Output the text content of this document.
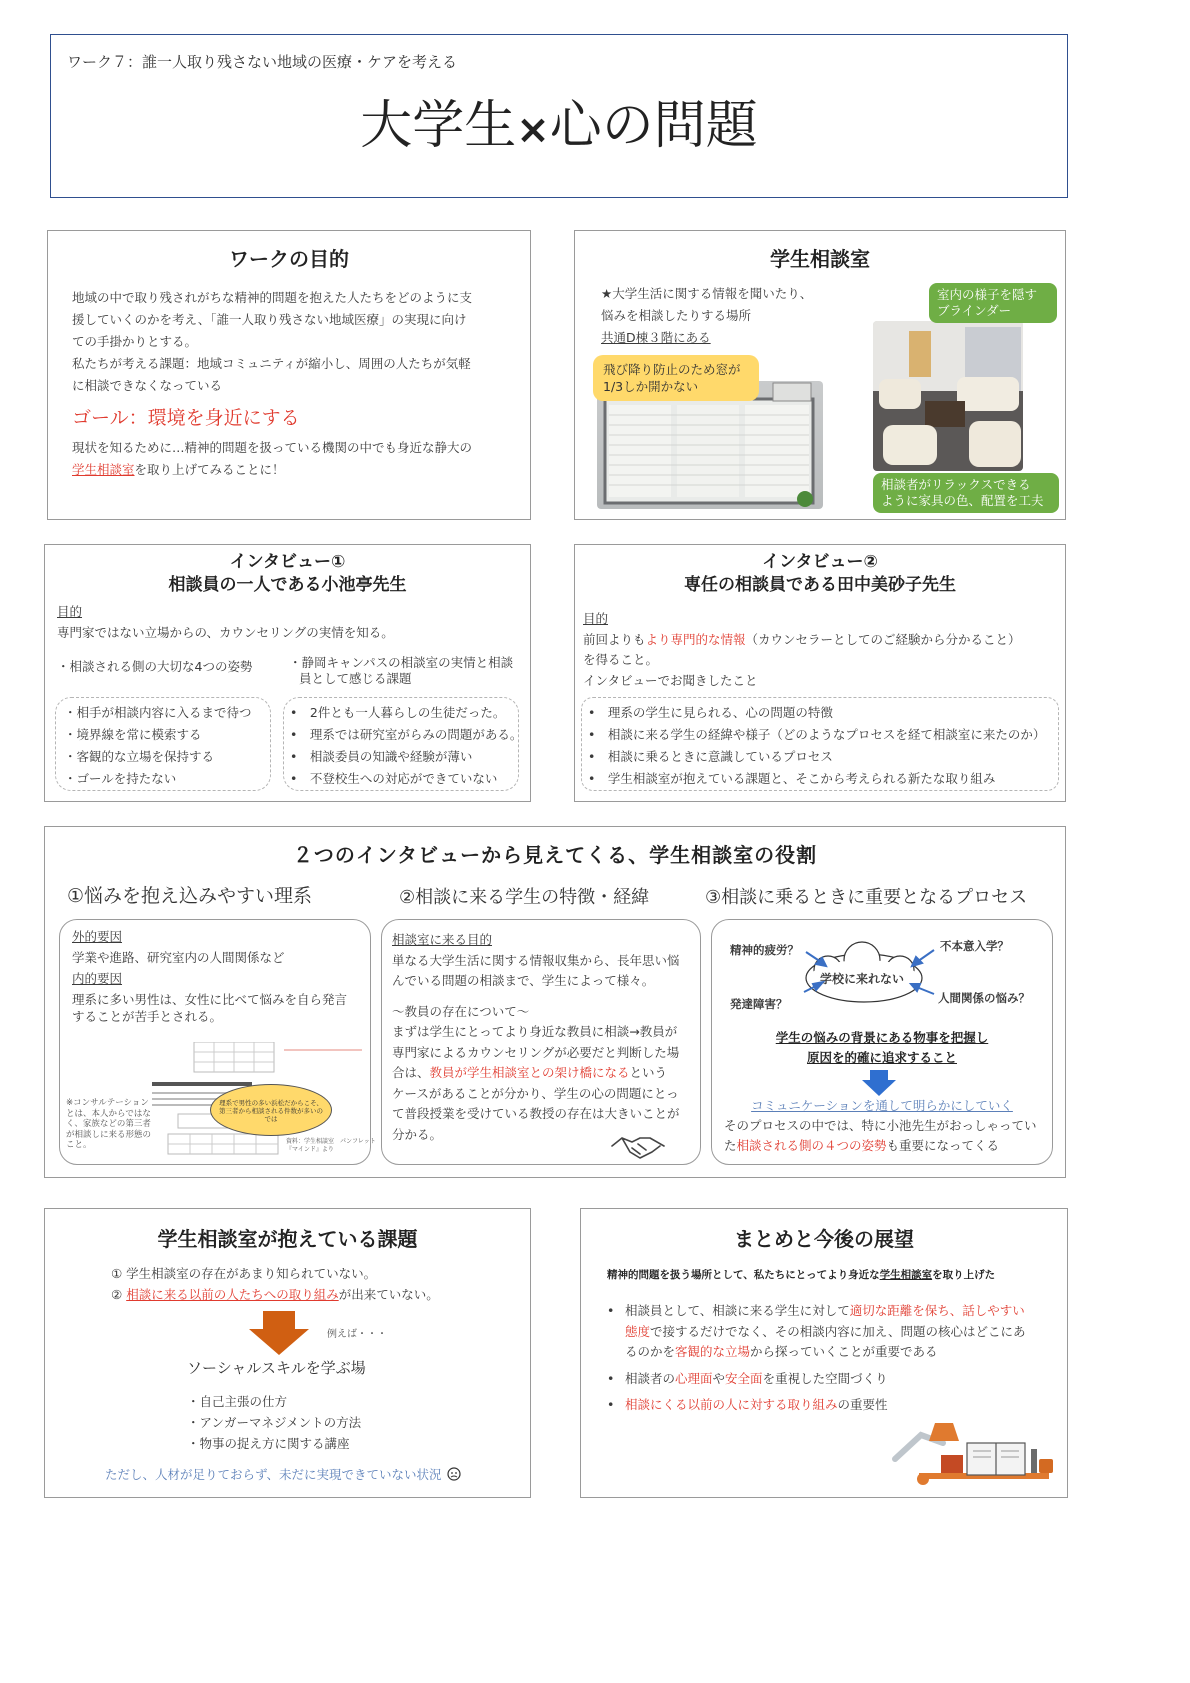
ワーク７：誰一人取り残さない地域の医療・ケアを考える
大学生×心の問題
ワークの目的
地域の中で取り残されがちな精神的問題を抱えた人たちをどのように支
援していくのかを考え、「誰一人取り残さない地域医療」の実現に向け
ての手掛かりとする。
私たちが考える課題：地域コミュニティが縮小し、周囲の人たちが気軽
に相談できなくなっている
ゴール：環境を身近にする
現状を知るために…精神的問題を扱っている機関の中でも身近な静大の
学生相談室を取り上げてみることに！
学生相談室
★大学生活に関する情報を聞いたり、
悩みを相談したりする場所
共通D棟３階にある
飛び降り防止のため窓が
1/3しか開かない
室内の様子を隠す
ブラインダー
相談者がリラックスできる
ように家具の色、配置を工夫
インタビュー①
相談員の一人である小池亭先生
目的
専門家ではない立場からの、カウンセリングの実情を知る。
・相談される側の大切な4つの姿勢	・静岡キャンパスの相談室の実情と相談
員として感じる課題
・相手が相談内容に入るまで待つ
・境界線を常に模索する
・客観的な立場を保持する
・ゴールを持たない
•　2件とも一人暮らしの生徒だった。
•　理系では研究室がらみの問題がある。
•　相談委員の知識や経験が薄い
•　不登校生への対応ができていない
インタビュー②
専任の相談員である田中美砂子先生
目的
前回よりもより専門的な情報（カウンセラーとしてのご経験から分かること）
を得ること。
インタビューでお聞きしたこと
•　理系の学生に見られる、心の問題の特徴
•　相談に来る学生の経緯や様子（どのようなプロセスを経て相談室に来たのか）
•　相談に乗るときに意識しているプロセス
•　学生相談室が抱えている課題と、そこから考えられる新たな取り組み
２つのインタビューから見えてくる、学生相談室の役割
①悩みを抱え込みやすい理系	②相談に来る学生の特徴・経緯	③相談に乗るときに重要となるプロセス
外的要因
学業や進路、研究室内の人間関係など
内的要因
理系に多い男性は、女性に比べて悩みを自ら発言
することが苦手とされる。
※コンサルテーション
とは、本人からではな
く、家族などの第三者
が相談しに来る形態の
こと。
理系で男性の多い浜松だからこそ、
第三者から相談される件数が多いの
では
資料：学生相談室　パンフレット
『マインド』より
相談室に来る目的
単なる大学生活に関する情報収集から、長年思い悩
んでいる問題の相談まで、学生によって様々。
〜教員の存在について〜
まずは学生にとってより身近な教員に相談→教員が
専門家によるカウンセリングが必要だと判断した場
合は、教員が学生相談室との架け橋になるという
ケースがあることが分かり、学生の心の問題にとっ
て普段授業を受けている教授の存在は大きいことが
分かる。
精神的疲労？	不本意入学？
学校に来れない
発達障害？	人間関係の悩み？
学生の悩みの背景にある物事を把握し
原因を的確に追求すること
コミュニケーションを通して明らかにしていく
そのプロセスの中では、特に小池先生がおっしゃってい
た相談される側の４つの姿勢も重要になってくる
学生相談室が抱えている課題
① 学生相談室の存在があまり知られていない。
② 相談に来る以前の人たちへの取り組みが出来ていない。
例えば・・・
ソーシャルスキルを学ぶ場
・自己主張の仕方
・アンガーマネジメントの方法
・物事の捉え方に関する講座
ただし、人材が足りておらず、未だに実現できていない状況
まとめと今後の展望
精神的問題を扱う場所として、私たちにとってより身近な学生相談室を取り上げた
• 相談員として、相談に来る学生に対して適切な距離を保ち、話しやすい
態度で接するだけでなく、その相談内容に加え、問題の核心はどこにあ
るのかを客観的な立場から探っていくことが重要である
• 相談者の心理面や安全面を重視した空間づくり
• 相談にくる以前の人に対する取り組みの重要性
